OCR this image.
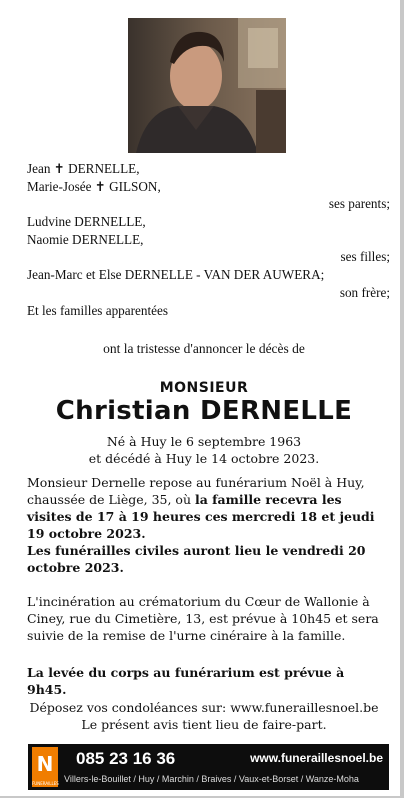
Jean ✝ DERNELLE,
Marie-Josée ✝ GILSON,
ses parents;
Ludvine DERNELLE,
Naomie DERNELLE,
ses filles;
Jean-Marc et Else DERNELLE - VAN DER AUWERA;
son frère;
Et les familles apparentées
ont la tristesse d'annoncer le décès de
MONSIEUR
Christian DERNELLE
Né à Huy le 6 septembre 1963
et décédé à Huy le 14 octobre 2023.
Monsieur Dernelle repose au funérarium Noël à Huy, chaussée de Liège, 35, où la famille recevra les visites de 17 à 19 heures ces mercredi 18 et jeudi 19 octobre 2023.
Les funérailles civiles auront lieu le vendredi 20 octobre 2023.
L'incinération au crématorium du Cœur de Wallonie à Ciney, rue du Cimetière, 13, est prévue à 10h45 et sera suivie de la remise de l'urne cinéraire à la famille.
La levée du corps au funérarium est prévue à 9h45.
Déposez vos condoléances sur: www.funeraillesnoel.be
Le présent avis tient lieu de faire-part.
N
FUNERAILLES
085 23 16 36	www.funeraillesnoel.be
Villers-le-Bouillet / Huy / Marchin / Braives / Vaux-et-Borset / Wanze-Moha
